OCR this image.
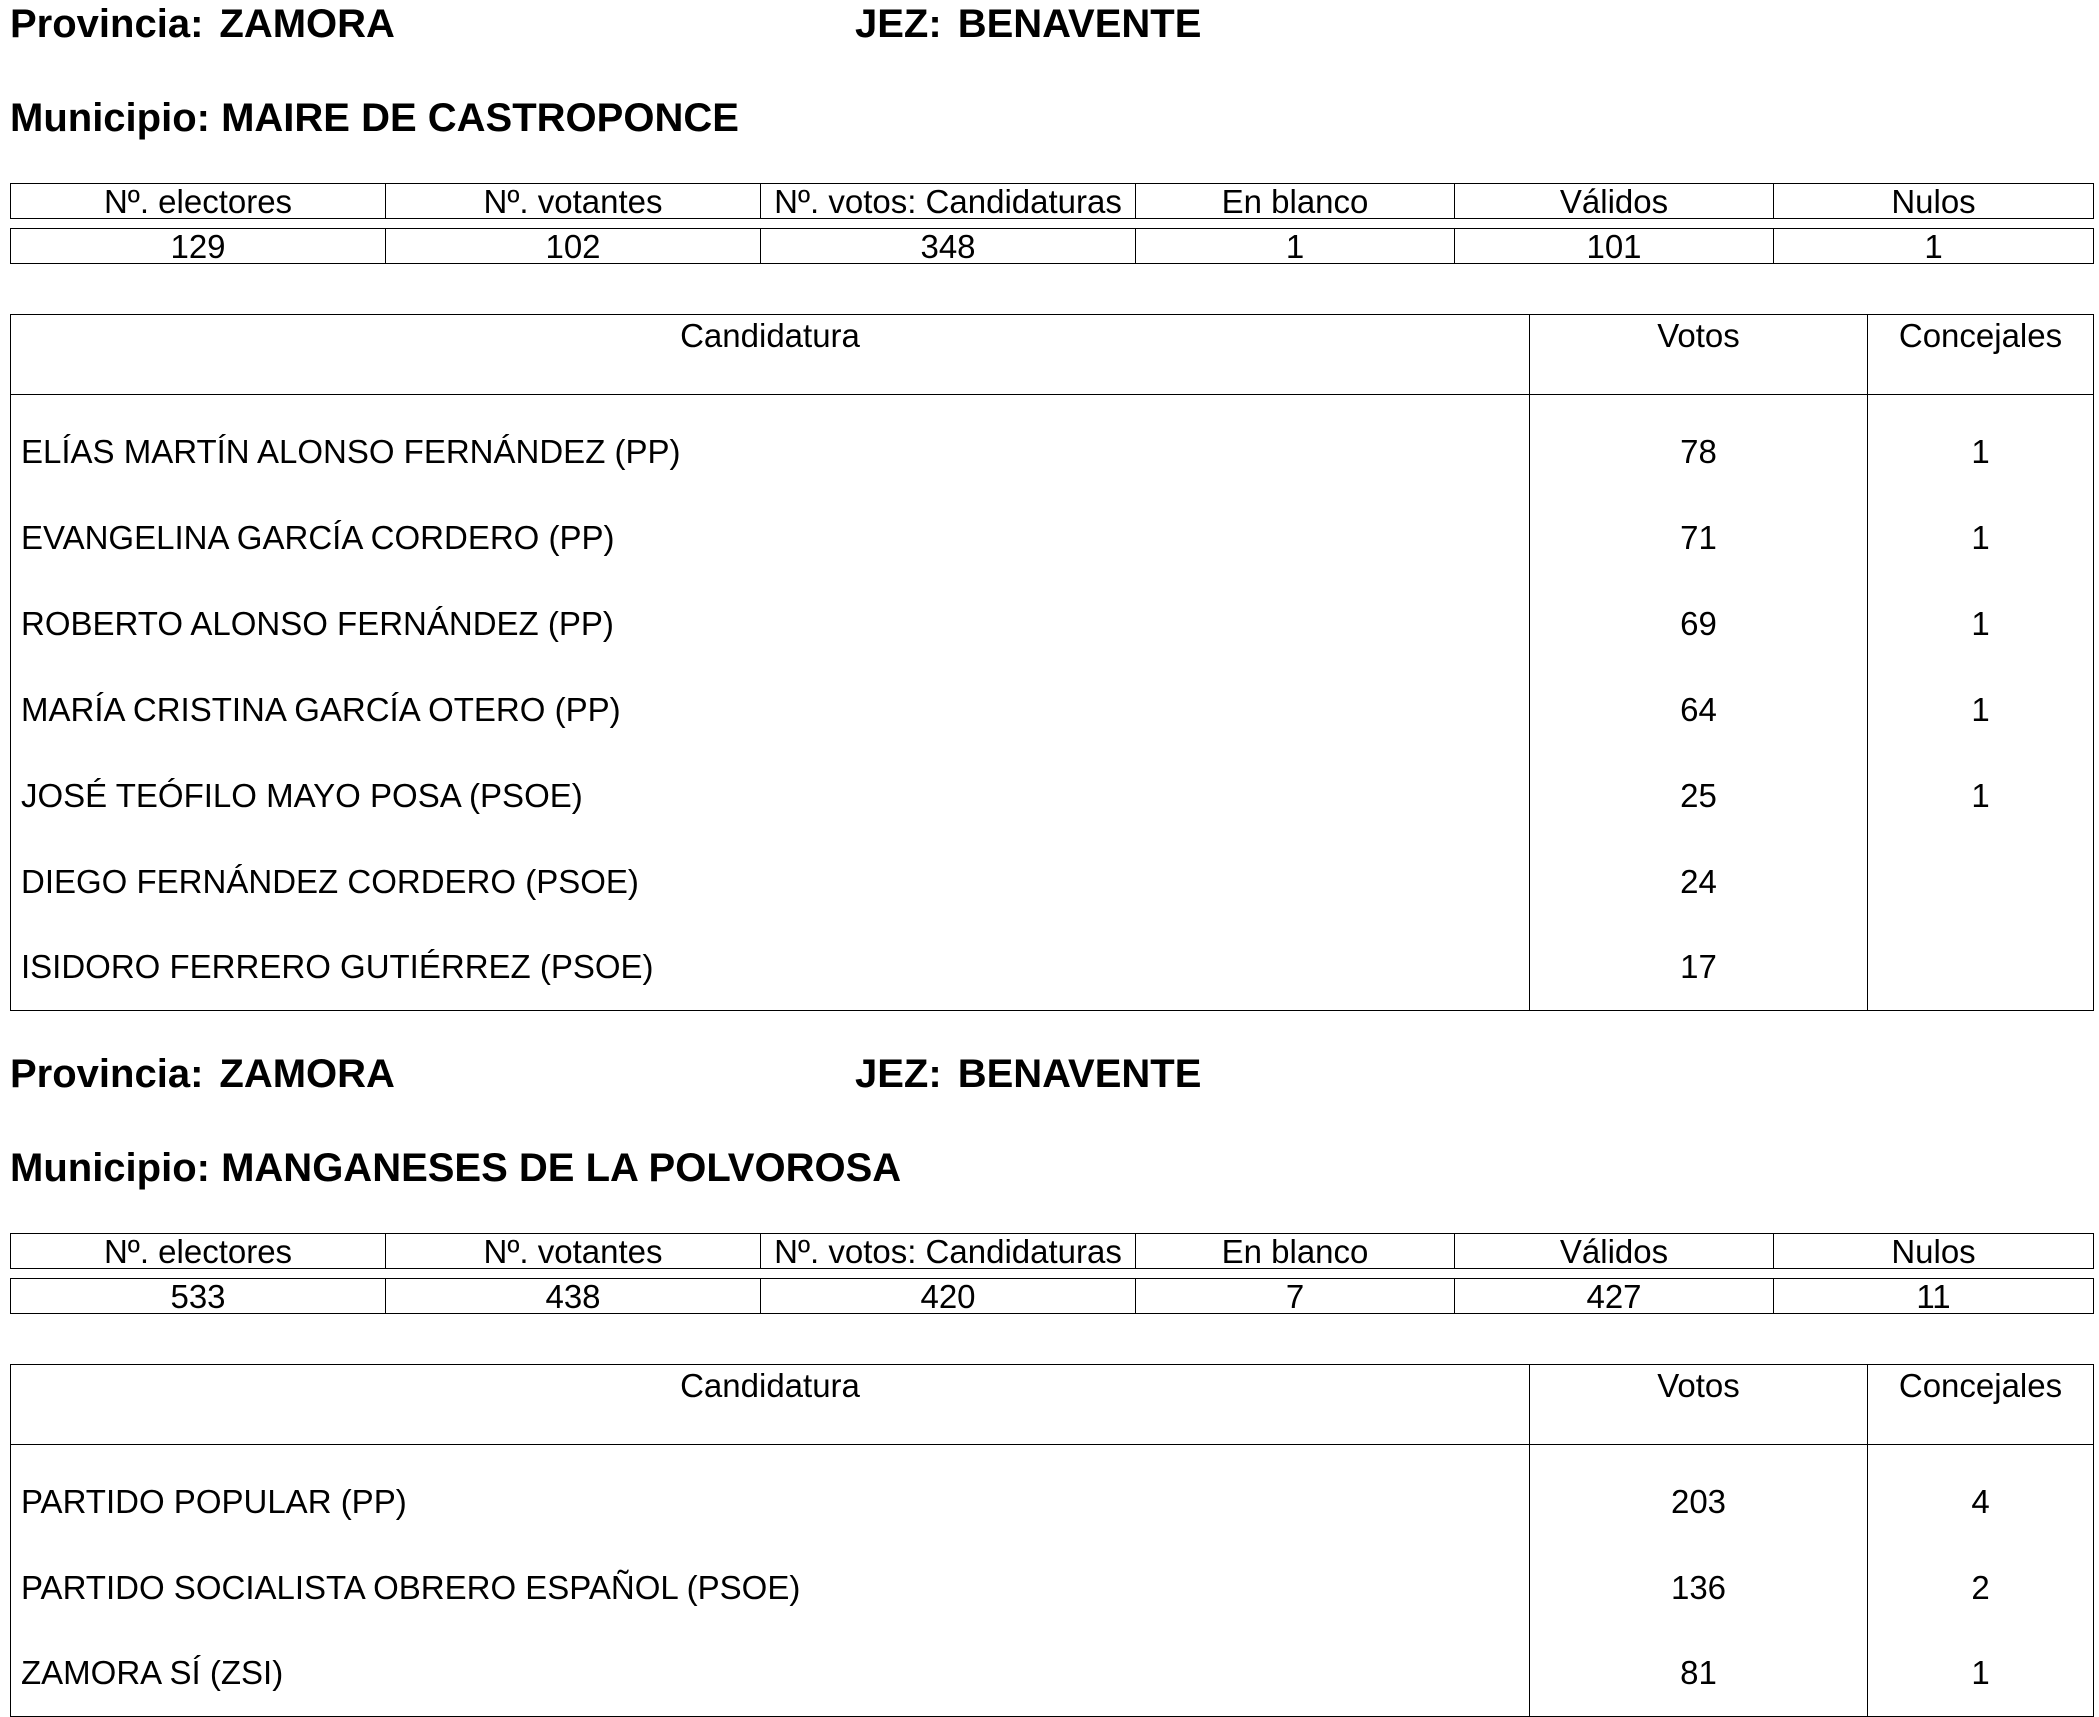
Provincia: ZAMORA	JEZ: BENAVENTE
Municipio: MAIRE DE CASTROPONCE
Nº. electores	Nº. votantes	Nº. votos: Candidaturas	En blanco	Válidos	Nulos

129	102	348	1	101	1
Candidatura	Votos	Concejales
ELÍAS MARTÍN ALONSO FERNÁNDEZ (PP)	78	1
EVANGELINA GARCÍA CORDERO (PP)	71	1
ROBERTO ALONSO FERNÁNDEZ (PP)	69	1
MARÍA CRISTINA GARCÍA OTERO (PP)	64	1
JOSÉ TEÓFILO MAYO POSA (PSOE)	25	1
DIEGO FERNÁNDEZ CORDERO (PSOE)	24	
ISIDORO FERRERO GUTIÉRREZ (PSOE)	17	
Provincia: ZAMORA	JEZ: BENAVENTE
Municipio: MANGANESES DE LA POLVOROSA
Nº. electores	Nº. votantes	Nº. votos: Candidaturas	En blanco	Válidos	Nulos

533	438	420	7	427	11
Candidatura	Votos	Concejales
PARTIDO POPULAR (PP)	203	4
PARTIDO SOCIALISTA OBRERO ESPAÑOL (PSOE)	136	2
ZAMORA SÍ (ZSI)	81	1
